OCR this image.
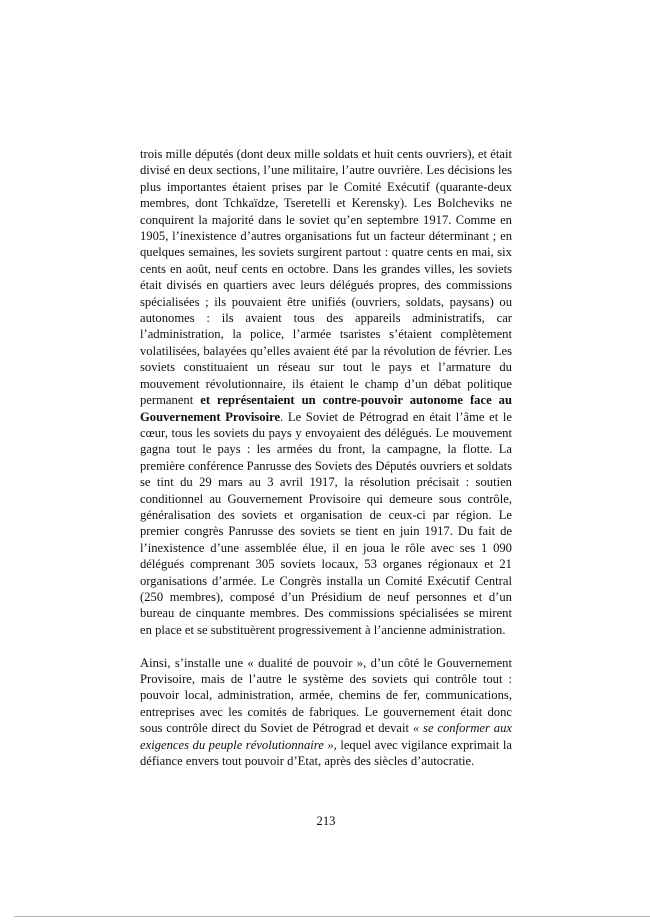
trois mille députés (dont deux mille soldats et huit cents ouvriers), et était divisé en deux sections, l’une militaire, l’autre ouvrière. Les décisions les plus importantes étaient prises par le Comité Exécutif (quarante-deux membres, dont Tchkaïdze, Tseretelli et Kerensky). Les Bolcheviks ne conquirent la majorité dans le soviet qu’en septembre 1917. Comme en 1905, l’inexistence d’autres organisations fut un facteur déterminant ; en quelques semaines, les soviets surgirent partout : quatre cents en mai, six cents en août, neuf cents en octobre. Dans les grandes villes, les soviets était divisés en quartiers avec leurs délégués propres, des commissions spécialisées ; ils pouvaient être unifiés (ouvriers, soldats, paysans) ou autonomes : ils avaient tous des appareils administratifs, car l’administration, la police, l’armée tsaristes s’étaient complètement volatilisées, balayées qu’elles avaient été par la révolution de février. Les soviets constituaient un réseau sur tout le pays et l’armature du mouvement révolutionnaire, ils étaient le champ d’un débat politique permanent et représentaient un contre-pouvoir autonome face au Gouvernement Provisoire. Le Soviet de Pétrograd en était l’âme et le cœur, tous les soviets du pays y envoyaient des délégués. Le mouvement gagna tout le pays : les armées du front, la campagne, la flotte. La première conférence Panrusse des Soviets des Députés ouvriers et soldats se tint du 29 mars au 3 avril 1917, la résolution précisait : soutien conditionnel au Gouvernement Provisoire qui demeure sous contrôle, généralisation des soviets et organisation de ceux-ci par région. Le premier congrès Panrusse des soviets se tient en juin 1917. Du fait de l’inexistence d’une assemblée élue, il en joua le rôle avec ses 1 090 délégués comprenant 305 soviets locaux, 53 organes régionaux et 21 organisations d’armée. Le Congrès installa un Comité Exécutif Central (250 membres), composé d’un Présidium de neuf personnes et d’un bureau de cinquante membres. Des commissions spécialisées se mirent en place et se substituèrent progressivement à l’ancienne administration.

Ainsi, s’installe une « dualité de pouvoir », d’un côté le Gouvernement Provisoire, mais de l’autre le système des soviets qui contrôle tout : pouvoir local, administration, armée, chemins de fer, communications, entreprises avec les comités de fabriques. Le gouvernement était donc sous contrôle direct du Soviet de Pétrograd et devait « se conformer aux exigences du peuple révolutionnaire », lequel avec vigilance exprimait la défiance envers tout pouvoir d’Etat, après des siècles d’autocratie.

213
